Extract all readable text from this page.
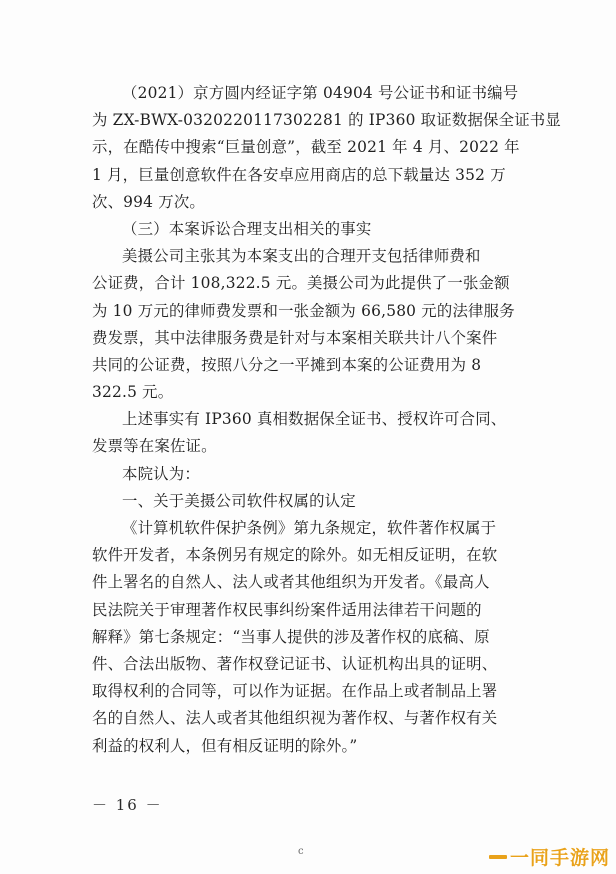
（2021）京方圆内经证字第 04904 号公证书和证书编号
为 ZX-BWX-0320220117302281 的 IP360 取证数据保全证书显
示，在酷传中搜索“巨量创意”，截至 2021 年 4 月、2022 年
1 月，巨量创意软件在各安卓应用商店的总下载量达 352 万
次、994 万次。
（三）本案诉讼合理支出相关的事实
美摄公司主张其为本案支出的合理开支包括律师费和
公证费，合计 108,322.5 元。美摄公司为此提供了一张金额
为 10 万元的律师费发票和一张金额为 66,580 元的法律服务
费发票，其中法律服务费是针对与本案相关联共计八个案件
共同的公证费，按照八分之一平摊到本案的公证费用为 8
322.5 元。
上述事实有 IP360 真相数据保全证书、授权许可合同、
发票等在案佐证。
本院认为：
一、关于美摄公司软件权属的认定
《计算机软件保护条例》第九条规定，软件著作权属于
软件开发者，本条例另有规定的除外。如无相反证明，在软
件上署名的自然人、法人或者其他组织为开发者。《最高人
民法院关于审理著作权民事纠纷案件适用法律若干问题的
解释》第七条规定：“当事人提供的涉及著作权的底稿、原
件、合法出版物、著作权登记证书、认证机构出具的证明、
取得权利的合同等，可以作为证据。在作品上或者制品上署
名的自然人、法人或者其他组织视为著作权、与著作权有关
利益的权利人，但有相反证明的除外。”
－ 16 －
c	一同手游网
